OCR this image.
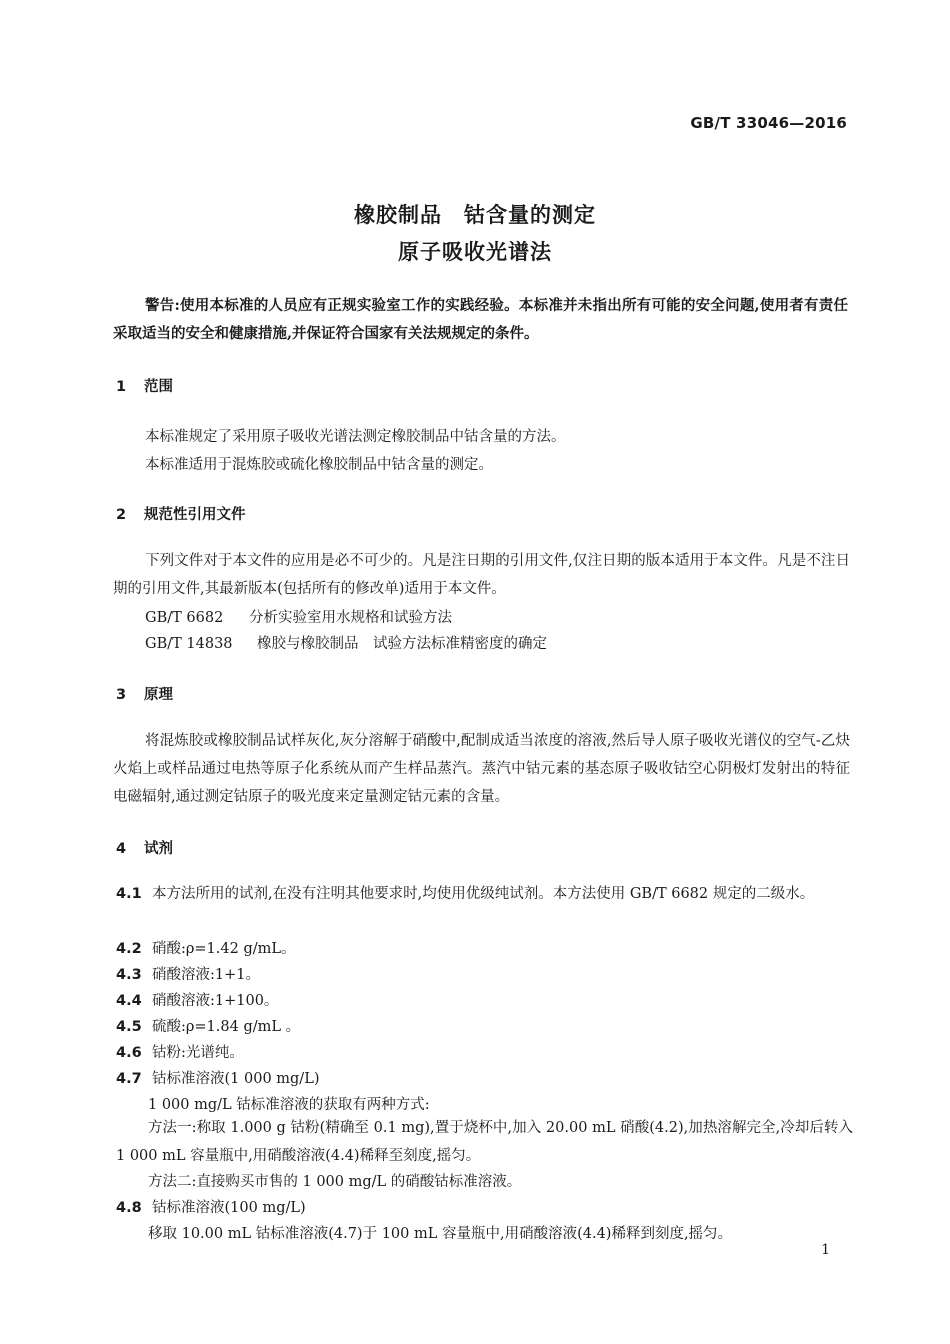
GB/T 33046—2016
橡胶制品 钴含量的测定
原子吸收光谱法
警告:使用本标准的人员应有正规实验室工作的实践经验。本标准并未指出所有可能的安全问题,使用者有责任采取适当的安全和健康措施,并保证符合国家有关法规规定的条件。
1 范围
本标准规定了采用原子吸收光谱法测定橡胶制品中钴含量的方法。
本标准适用于混炼胶或硫化橡胶制品中钴含量的测定。
2 规范性引用文件
下列文件对于本文件的应用是必不可少的。凡是注日期的引用文件,仅注日期的版本适用于本文件。凡是不注日期的引用文件,其最新版本(包括所有的修改单)适用于本文件。
GB/T 6682 分析实验室用水规格和试验方法
GB/T 14838 橡胶与橡胶制品　试验方法标准精密度的确定
3 原理
将混炼胶或橡胶制品试样灰化,灰分溶解于硝酸中,配制成适当浓度的溶液,然后导人原子吸收光谱仪的空气-乙炔火焰上或样品通过电热等原子化系统从而产生样品蒸汽。蒸汽中钴元素的基态原子吸收钴空心阴极灯发射出的特征电磁辐射,通过测定钴原子的吸光度来定量测定钴元素的含量。
4 试剂
4.1 本方法所用的试剂,在没有注明其他要求时,均使用优级纯试剂。本方法使用 GB/T 6682 规定的二级水。
4.2 硝酸:ρ=1.42 g/mL。
4.3 硝酸溶液:1+1。
4.4 硝酸溶液:1+100。
4.5 硫酸:ρ=1.84 g/mL 。
4.6 钴粉:光谱纯。
4.7 钴标准溶液(1 000 mg/L)
1 000 mg/L 钴标准溶液的获取有两种方式:
方法一:称取 1.000 g 钴粉(精确至 0.1 mg),置于烧杯中,加入 20.00 mL 硝酸(4.2),加热溶解完全,冷却后转入 1 000 mL 容量瓶中,用硝酸溶液(4.4)稀释至刻度,摇匀。
方法二:直接购买市售的 1 000 mg/L 的硝酸钴标准溶液。
4.8 钴标准溶液(100 mg/L)
移取 10.00 mL 钴标准溶液(4.7)于 100 mL 容量瓶中,用硝酸溶液(4.4)稀释到刻度,摇匀。
1
